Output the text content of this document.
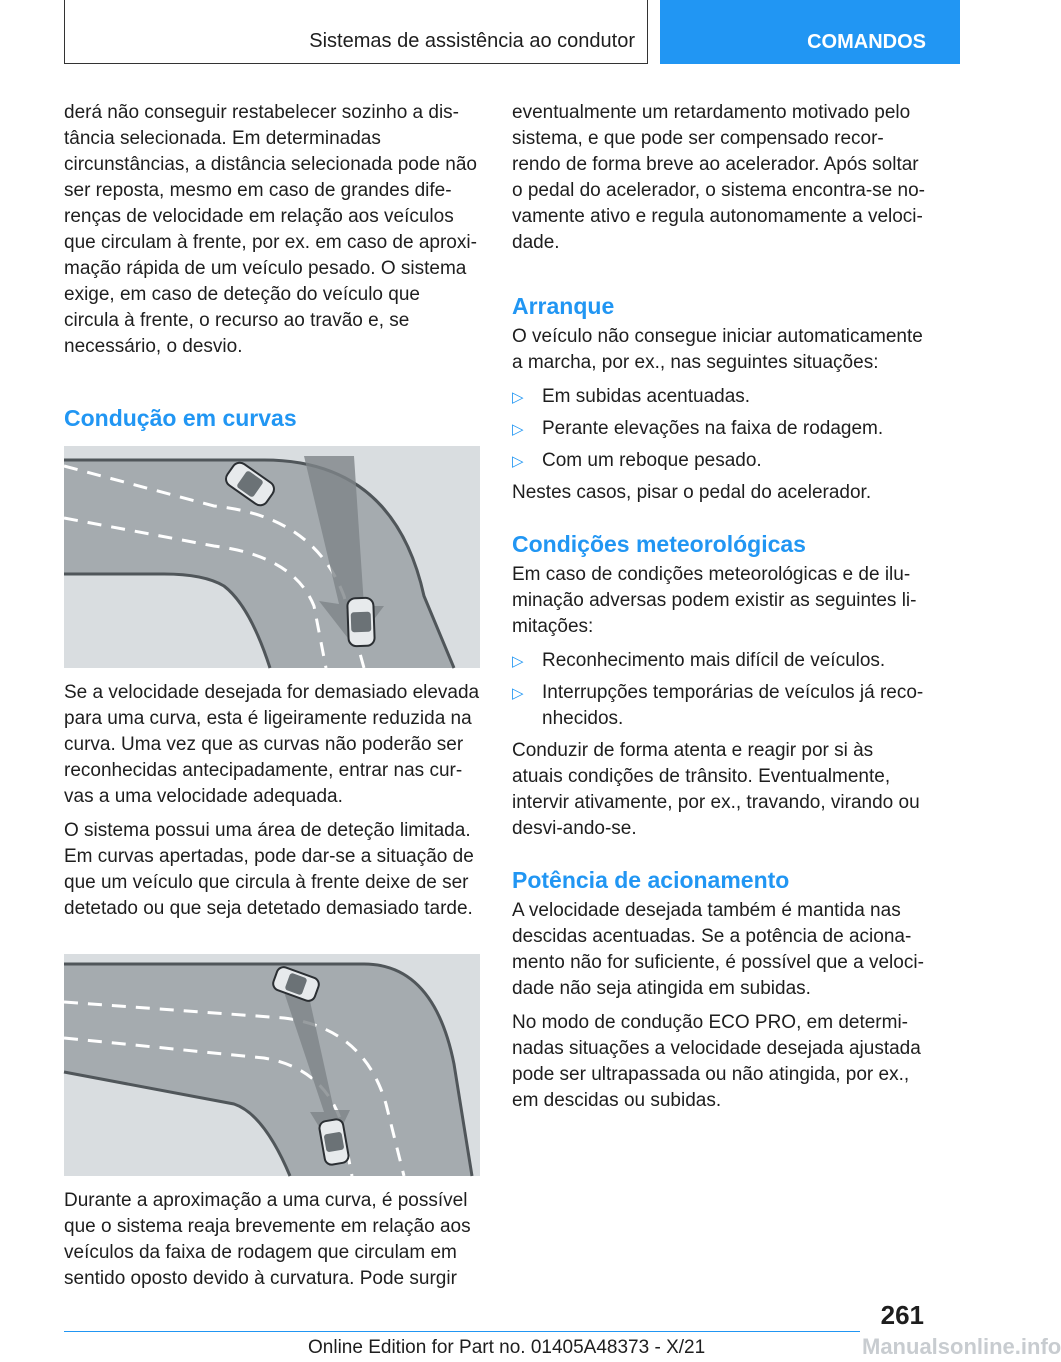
Sistemas de assistência ao condutor	COMANDOS

derá não conseguir restabelecer sozinho a dis-tância selecionada. Em determinadas circunstâncias, a distância selecionada pode não ser reposta, mesmo em caso de grandes dife-renças de velocidade em relação aos veículos que circulam à frente, por ex. em caso de aproxi-mação rápida de um veículo pesado. O sistema exige, em caso de deteção do veículo que circula à frente, o recurso ao travão e, se necessário, o desvio.

Condução em curvas

Se a velocidade desejada for demasiado elevada para uma curva, esta é ligeiramente reduzida na curva. Uma vez que as curvas não poderão ser reconhecidas antecipadamente, entrar nas cur-vas a uma velocidade adequada.

O sistema possui uma área de deteção limitada. Em curvas apertadas, pode dar-se a situação de que um veículo que circula à frente deixe de ser detetado ou que seja detetado demasiado tarde.

Durante a aproximação a uma curva, é possível que o sistema reaja brevemente em relação aos veículos da faixa de rodagem que circulam em sentido oposto devido à curvatura. Pode surgir

eventualmente um retardamento motivado pelo sistema, e que pode ser compensado recor-rendo de forma breve ao acelerador. Após soltar o pedal do acelerador, o sistema encontra-se no-vamente ativo e regula autonomamente a veloci-dade.

Arranque

O veículo não consegue iniciar automaticamente a marcha, por ex., nas seguintes situações:

▷ Em subidas acentuadas.
▷ Perante elevações na faixa de rodagem.
▷ Com um reboque pesado.

Nestes casos, pisar o pedal do acelerador.

Condições meteorológicas

Em caso de condições meteorológicas e de ilu-minação adversas podem existir as seguintes li-mitações:

▷ Reconhecimento mais difícil de veículos.
▷ Interrupções temporárias de veículos já reco-nhecidos.

Conduzir de forma atenta e reagir por si às atuais condições de trânsito. Eventualmente, intervir ativamente, por ex., travando, virando ou desvi-ando-se.

Potência de acionamento

A velocidade desejada também é mantida nas descidas acentuadas. Se a potência de aciona-mento não for suficiente, é possível que a veloci-dade não seja atingida em subidas.

No modo de condução ECO PRO, em determi-nadas situações a velocidade desejada ajustada pode ser ultrapassada ou não atingida, por ex., em descidas ou subidas.

261
Online Edition for Part no. 01405A48373 - X/21	Manualsonline.info
